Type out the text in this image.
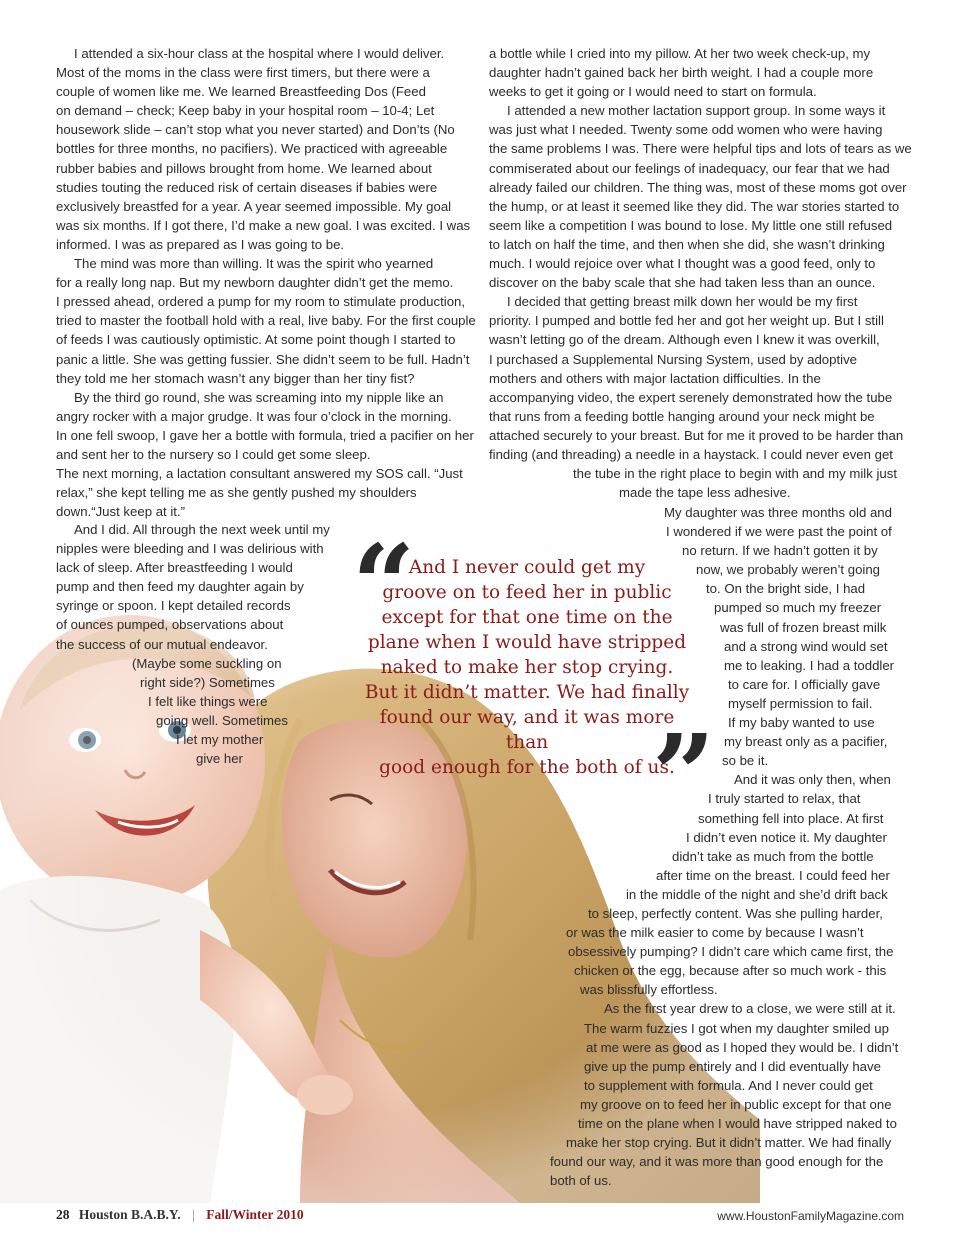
I attended a six-hour class at the hospital where I would deliver.
Most of the moms in the class were first timers, but there were a
couple of women like me. We learned Breastfeeding Dos (Feed
on demand – check; Keep baby in your hospital room – 10-4; Let
housework slide – can’t stop what you never started) and Don’ts (No
bottles for three months, no pacifiers). We practiced with agreeable
rubber babies and pillows brought from home. We learned about
studies touting the reduced risk of certain diseases if babies were
exclusively breastfed for a year. A year seemed impossible. My goal
was six months. If I got there, I’d make a new goal. I was excited. I was
informed. I was as prepared as I was going to be.
The mind was more than willing. It was the spirit who yearned
for a really long nap. But my newborn daughter didn’t get the memo.
I pressed ahead, ordered a pump for my room to stimulate production,
tried to master the football hold with a real, live baby. For the first couple
of feeds I was cautiously optimistic. At some point though I started to
panic a little. She was getting fussier. She didn’t seem to be full. Hadn’t
they told me her stomach wasn’t any bigger than her tiny fist?
By the third go round, she was screaming into my nipple like an
angry rocker with a major grudge. It was four o’clock in the morning.
In one fell swoop, I gave her a bottle with formula, tried a pacifier on her
and sent her to the nursery so I could get some sleep.
The next morning, a lactation consultant answered my SOS call. “Just
relax,” she kept telling me as she gently pushed my shoulders
down.“Just keep at it.”
And I did. All through the next week until my
nipples were bleeding and I was delirious with
lack of sleep. After breastfeeding I would
pump and then feed my daughter again by
syringe or spoon. I kept detailed records
of ounces pumped, observations about
the success of our mutual endeavor.
(Maybe some suckling on
right side?) Sometimes
I felt like things were
going well. Sometimes
I let my mother
give her
a bottle while I cried into my pillow. At her two week check-up, my
daughter hadn’t gained back her birth weight. I had a couple more
weeks to get it going or I would need to start on formula.
I attended a new mother lactation support group. In some ways it
was just what I needed. Twenty some odd women who were having
the same problems I was. There were helpful tips and lots of tears as we
commiserated about our feelings of inadequacy, our fear that we had
already failed our children. The thing was, most of these moms got over
the hump, or at least it seemed like they did. The war stories started to
seem like a competition I was bound to lose. My little one still refused
to latch on half the time, and then when she did, she wasn’t drinking
much. I would rejoice over what I thought was a good feed, only to
discover on the baby scale that she had taken less than an ounce.
I decided that getting breast milk down her would be my first
priority. I pumped and bottle fed her and got her weight up. But I still
wasn’t letting go of the dream. Although even I knew it was overkill,
I purchased a Supplemental Nursing System, used by adoptive
mothers and others with major lactation difficulties. In the
accompanying video, the expert serenely demonstrated how the tube
that runs from a feeding bottle hanging around your neck might be
attached securely to your breast. But for me it proved to be harder than
finding (and threading) a needle in a haystack. I could never even get
the tube in the right place to begin with and my milk just
made the tape less adhesive.
My daughter was three months old and
I wondered if we were past the point of
no return. If we hadn’t gotten it by
now, we probably weren’t going
to. On the bright side, I had
pumped so much my freezer
was full of frozen breast milk
and a strong wind would set
me to leaking. I had a toddler
to care for. I officially gave
myself permission to fail.
If my baby wanted to use
my breast only as a pacifier,
so be it.
And it was only then, when
I truly started to relax, that
something fell into place. At first
I didn’t even notice it. My daughter
didn’t take as much from the bottle
after time on the breast. I could feed her
in the middle of the night and she’d drift back
to sleep, perfectly content. Was she pulling harder,
or was the milk easier to come by because I wasn’t
obsessively pumping? I didn’t care which came first, the
chicken or the egg, because after so much work - this
was blissfully effortless.
As the first year drew to a close, we were still at it.
The warm fuzzies I got when my daughter smiled up
at me were as good as I hoped they would be. I didn’t
give up the pump entirely and I did eventually have
to supplement with formula. And I never could get
my groove on to feed her in public except for that one
time on the plane when I would have stripped naked to
make her stop crying. But it didn’t matter. We had finally
found our way, and it was more than good enough for the
both of us.
“
And I never could get my
groove on to feed her in public
except for that one time on the
plane when I would have stripped
naked to make her stop crying.
But it didn’t matter. We had finally
found our way, and it was more than
good enough for the both of us.
”
28 Houston B.A.B.Y. | Fall/Winter 2010	www.HoustonFamilyMagazine.com
